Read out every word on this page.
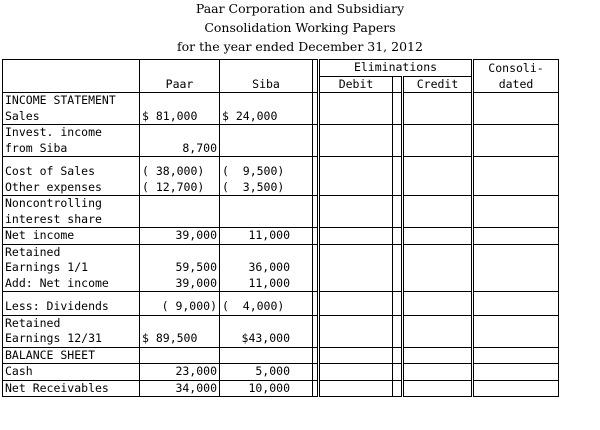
Paar Corporation and Subsidiary
Consolidation Working Papers
for the year ended December 31, 2012
				Eliminations			Consoli-
	Paar	Siba		Debit		Credit	dated
INCOME STATEMENT							
Sales	$ 81,000	$ 24,000					
Invest. income							
from Siba	8,700						

Cost of Sales	( 38,000)	(  9,500)					
Other expenses	( 12,700)	(  3,500)					
Noncontrolling							
interest share							
Net income	39,000	11,000					
Retained							
Earnings 1/1	59,500	36,000					
Add: Net income	39,000	11,000					

Less: Dividends	( 9,000)	(  4,000)					
Retained							
Earnings 12/31	$ 89,500	$43,000					
BALANCE SHEET							
Cash	23,000	5,000					
Net Receivables	34,000	10,000					
